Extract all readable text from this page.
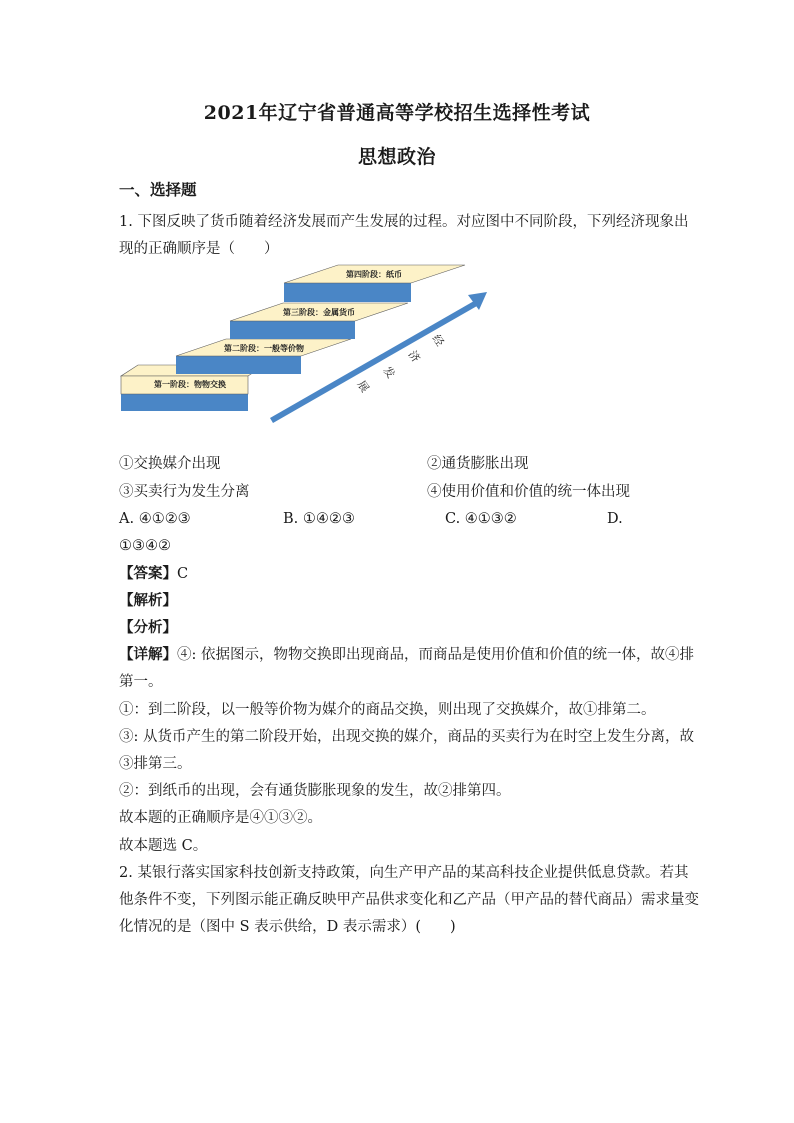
2021年辽宁省普通高等学校招生选择性考试
思想政治
一、选择题
1. 下图反映了货币随着经济发展而产生发展的过程。对应图中不同阶段，下列经济现象出
现的正确顺序是（　　）
第一阶段：物物交换
第二阶段：一般等价物
第三阶段：金属货币
第四阶段：纸币
经
济
发
展
①交换媒介出现	②通货膨胀出现
③买卖行为发生分离	④使用价值和价值的统一体出现
A. ④①②③	B. ①④②③	C. ④①③②	D.
①③④②
【答案】C
【解析】
【分析】
【详解】④: 依据图示，物物交换即出现商品，而商品是使用价值和价值的统一体，故④排
第一。
①：到二阶段，以一般等价物为媒介的商品交换，则出现了交换媒介，故①排第二。
③: 从货币产生的第二阶段开始，出现交换的媒介，商品的买卖行为在时空上发生分离，故
③排第三。
②：到纸币的出现，会有通货膨胀现象的发生，故②排第四。
故本题的正确顺序是④①③②。
故本题选 C。
2. 某银行落实国家科技创新支持政策，向生产甲产品的某高科技企业提供低息贷款。若其
他条件不变，下列图示能正确反映甲产品供求变化和乙产品（甲产品的替代商品）需求量变
化情况的是（图中 S 表示供给，D 表示需求）(　　)
